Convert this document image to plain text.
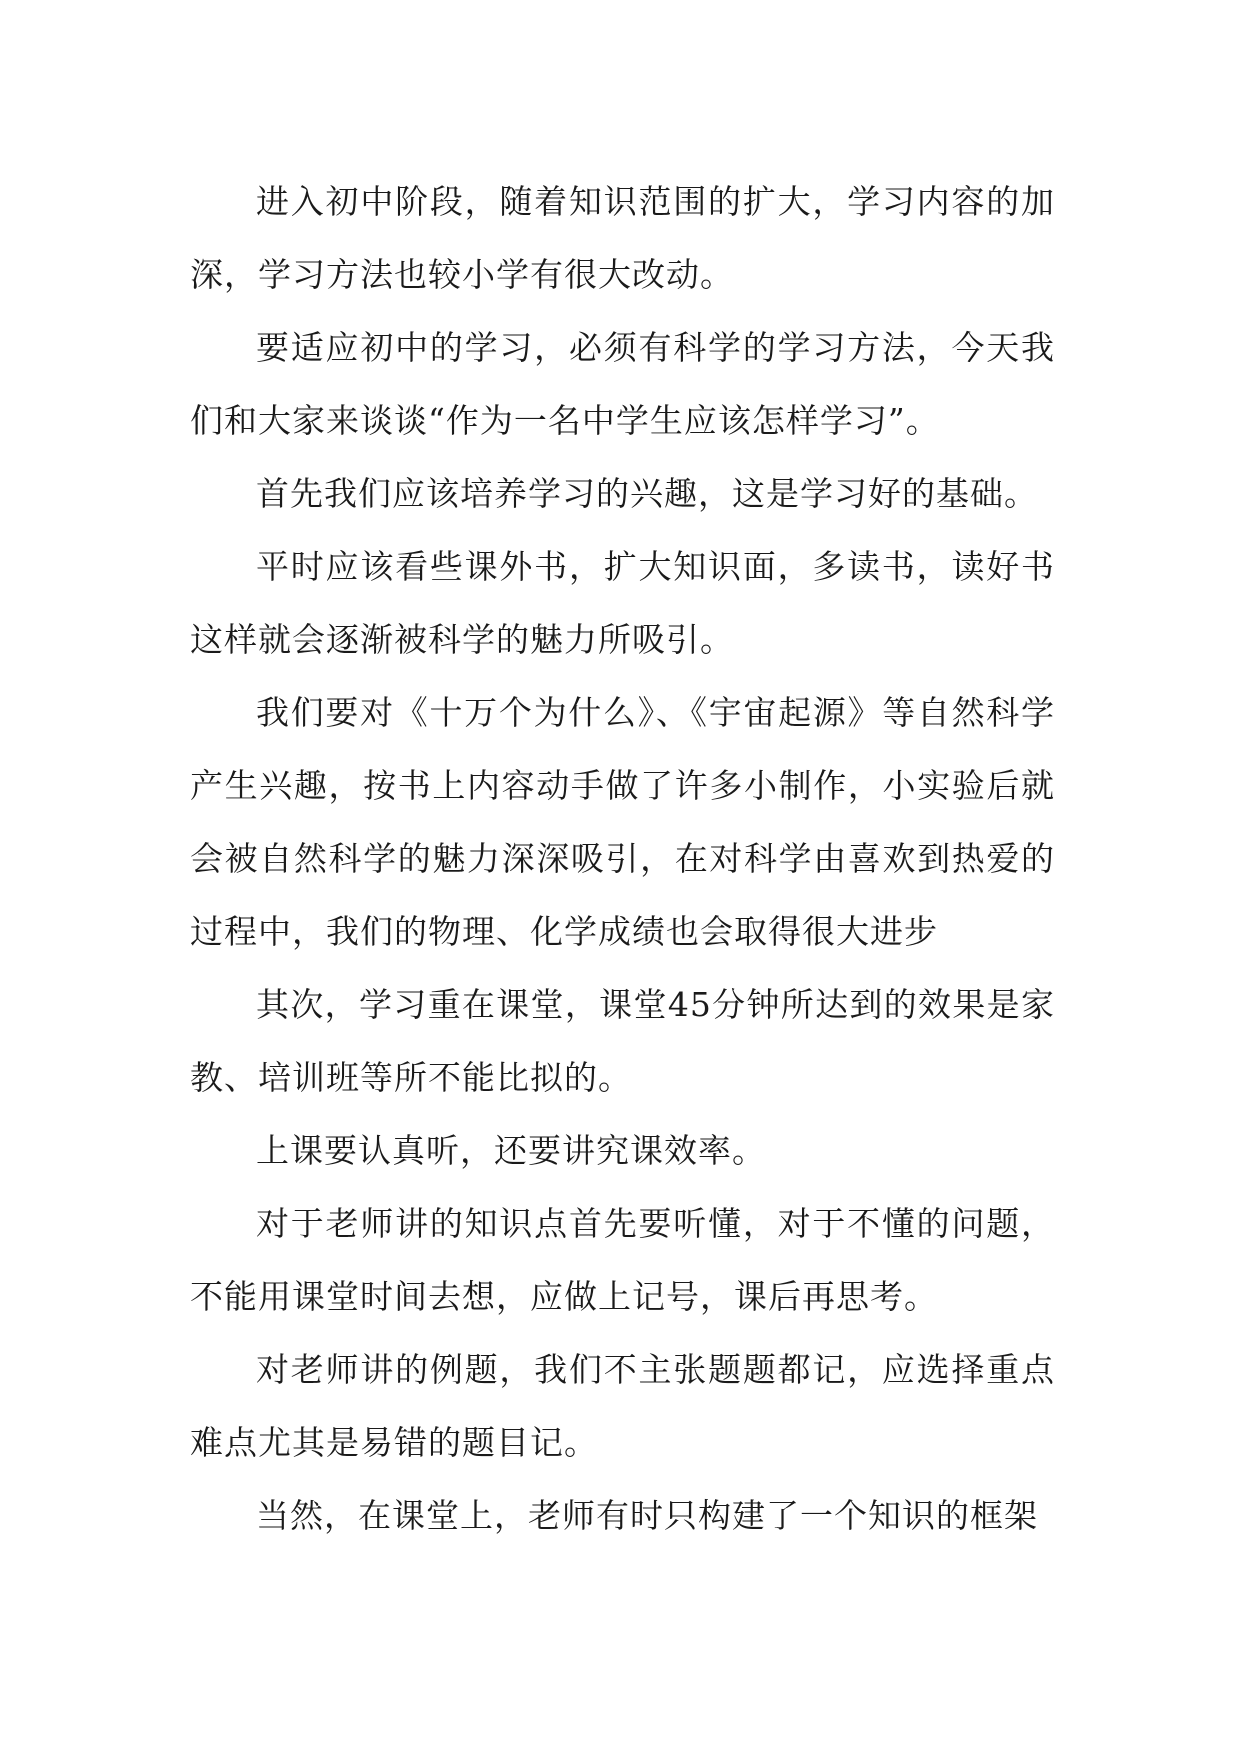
进入初中阶段，随着知识范围的扩大，学习内容的加深，学习方法也较小学有很大改动。

要适应初中的学习，必须有科学的学习方法，今天我们和大家来谈谈“作为一名中学生应该怎样学习”。

首先我们应该培养学习的兴趣，这是学习好的基础。

平时应该看些课外书，扩大知识面，多读书，读好书这样就会逐渐被科学的魅力所吸引。

我们要对《十万个为什么》、《宇宙起源》等自然科学产生兴趣，按书上内容动手做了许多小制作，小实验后就会被自然科学的魅力深深吸引，在对科学由喜欢到热爱的过程中，我们的物理、化学成绩也会取得很大进步

其次，学习重在课堂，课堂45分钟所达到的效果是家教、培训班等所不能比拟的。

上课要认真听，还要讲究课效率。

对于老师讲的知识点首先要听懂，对于不懂的问题，不能用课堂时间去想，应做上记号，课后再思考。

对老师讲的例题，我们不主张题题都记，应选择重点难点尤其是易错的题目记。

当然，在课堂上，老师有时只构建了一个知识的框架
